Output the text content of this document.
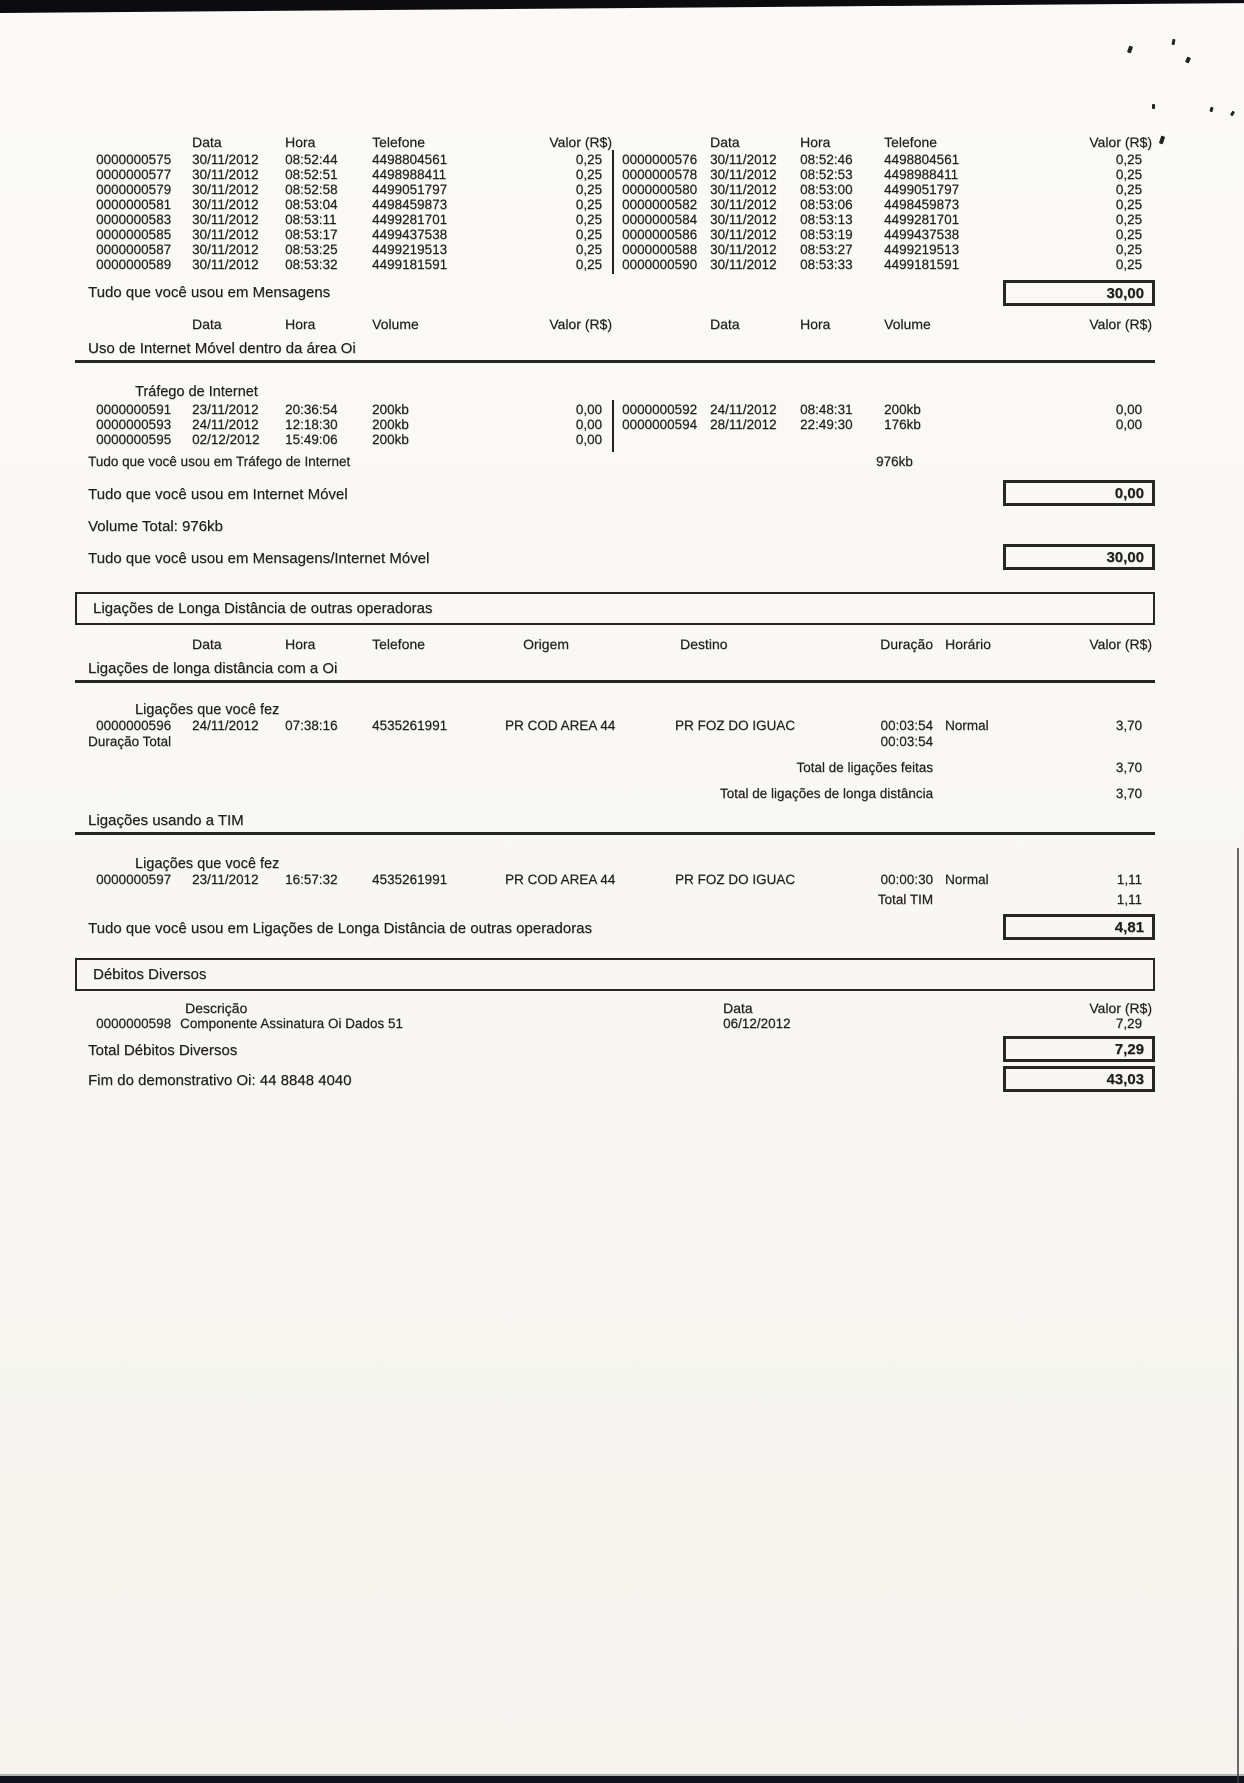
Data	Hora	Telefone	Valor (R$)	Data	Hora	Telefone	Valor (R$)
0000000575	30/11/2012	08:52:44	4498804561	0,25
0000000577	30/11/2012	08:52:51	4498988411	0,25
0000000579	30/11/2012	08:52:58	4499051797	0,25
0000000581	30/11/2012	08:53:04	4498459873	0,25
0000000583	30/11/2012	08:53:11	4499281701	0,25
0000000585	30/11/2012	08:53:17	4499437538	0,25
0000000587	30/11/2012	08:53:25	4499219513	0,25
0000000589	30/11/2012	08:53:32	4499181591	0,25
0000000576 30/11/2012	08:52:46	4498804561	0,25
0000000578 30/11/2012	08:52:53	4498988411	0,25
0000000580 30/11/2012	08:53:00	4499051797	0,25
0000000582 30/11/2012	08:53:06	4498459873	0,25
0000000584 30/11/2012	08:53:13	4499281701	0,25
0000000586 30/11/2012	08:53:19	4499437538	0,25
0000000588 30/11/2012	08:53:27	4499219513	0,25
0000000590 30/11/2012	08:53:33	4499181591	0,25
Tudo que você usou em Mensagens	30,00
Data	Hora	Volume	Valor (R$)	Data	Hora	Volume	Valor (R$)
Uso de Internet Móvel dentro da área Oi
Tráfego de Internet
0000000591	23/11/2012	20:36:54	200kb	0,00
0000000593	24/11/2012	12:18:30	200kb	0,00
0000000595	02/12/2012	15:49:06	200kb	0,00
0000000592 24/11/2012	08:48:31	200kb	0,00
0000000594 28/11/2012	22:49:30	176kb	0,00
Tudo que você usou em Tráfego de Internet	976kb
Tudo que você usou em Internet Móvel	0,00
Volume Total: 976kb
Tudo que você usou em Mensagens/Internet Móvel	30,00
Ligações de Longa Distância de outras operadoras
Data	Hora	Telefone	Origem	Destino	Duração Horário	Valor (R$)
Ligações de longa distância com a Oi
Ligações que você fez
0000000596	24/11/2012	07:38:16	4535261991	PR COD AREA 44	PR FOZ DO IGUAC	00:03:54 Normal	3,70
Duração Total	00:03:54
Total de ligações feitas	3,70
Total de ligações de longa distância	3,70
Ligações usando a TIM
Ligações que você fez
0000000597	23/11/2012	16:57:32	4535261991	PR COD AREA 44	PR FOZ DO IGUAC	00:00:30 Normal	1,11
Total TIM	1,11
Tudo que você usou em Ligações de Longa Distância de outras operadoras	4,81
Débitos Diversos
Descrição	Data	Valor (R$)
0000000598 Componente Assinatura Oi Dados 51	06/12/2012	7,29
Total Débitos Diversos	7,29
Fim do demonstrativo Oi: 44 8848 4040	43,03
